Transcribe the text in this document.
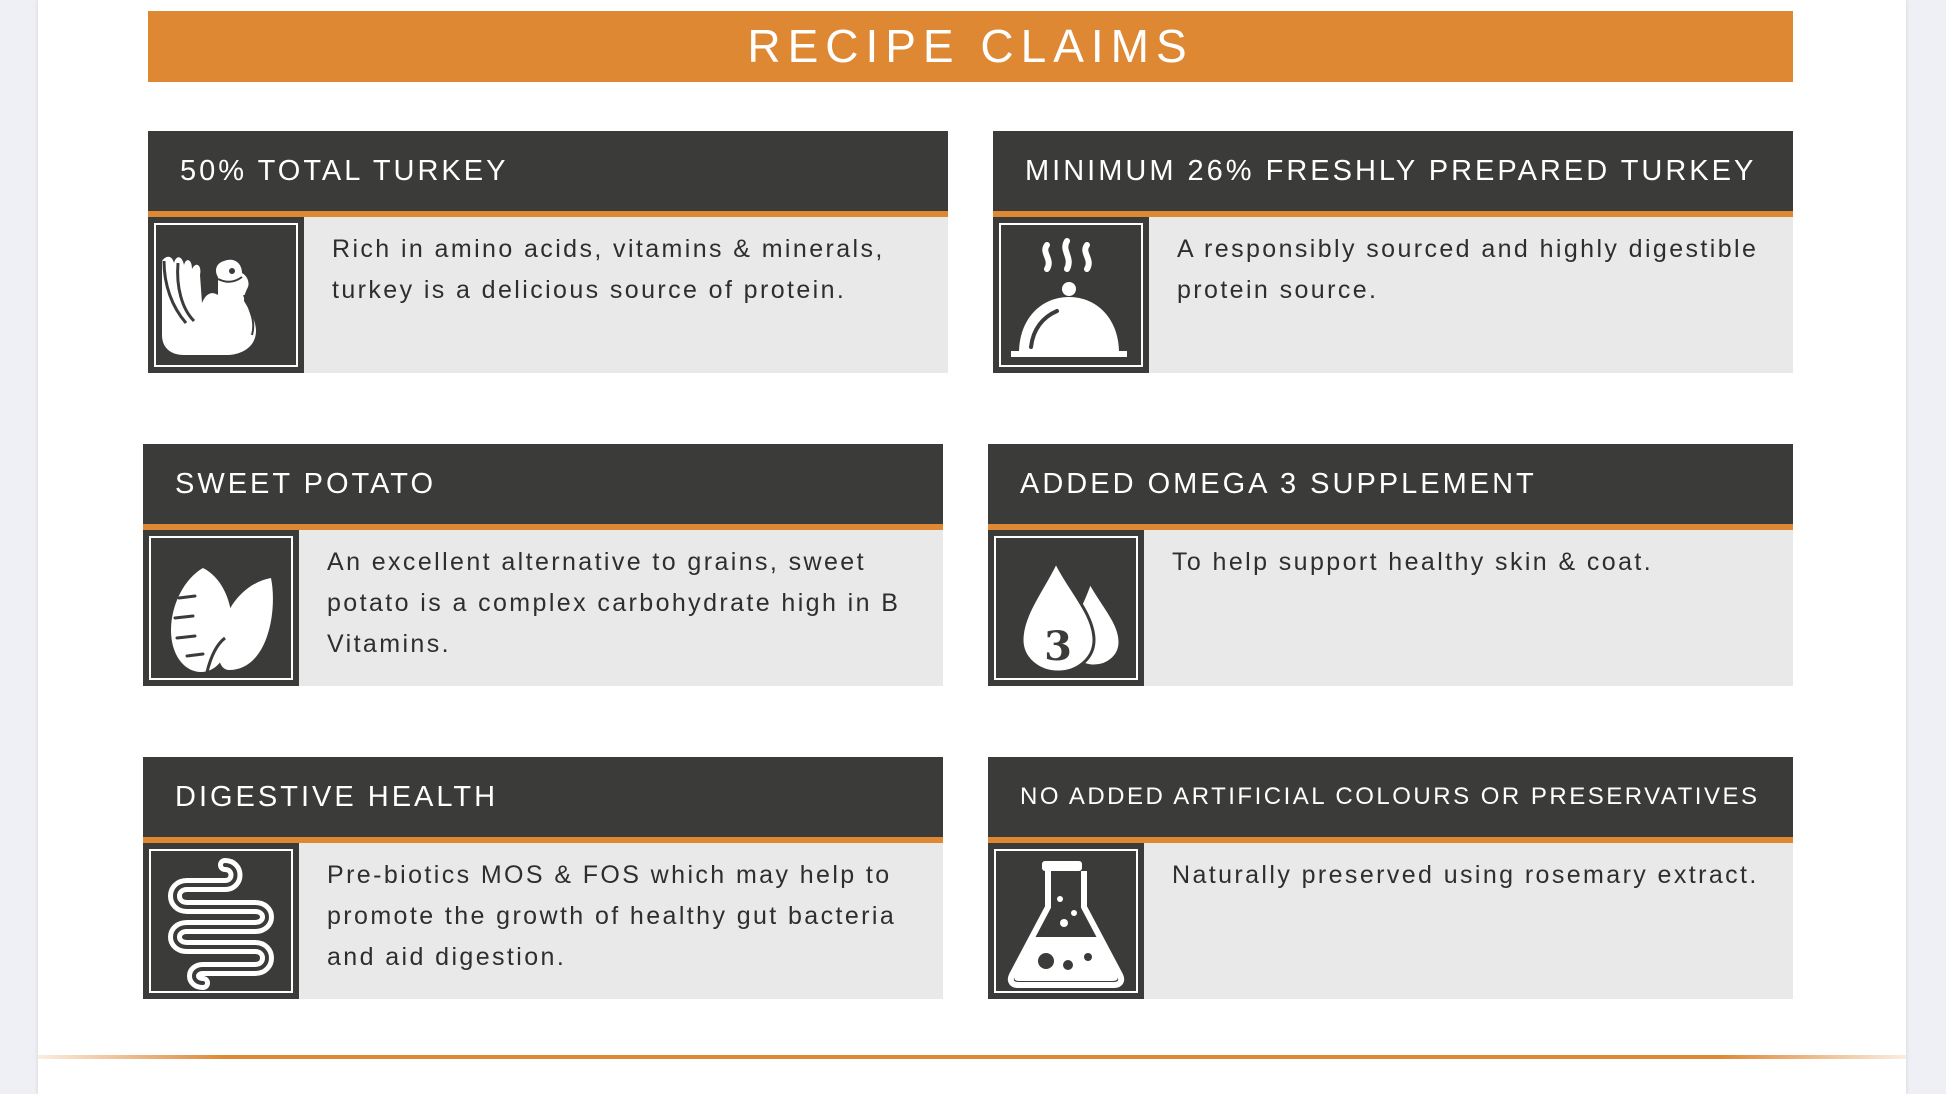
RECIPE CLAIMS
50% TOTAL TURKEY
Rich in amino acids, vitamins & minerals, turkey is a delicious source of protein.
MINIMUM 26% FRESHLY PREPARED TURKEY
A responsibly sourced and highly digestible protein source.
SWEET POTATO
An excellent alternative to grains, sweet potato is a complex carbohydrate high in B Vitamins.
ADDED OMEGA 3 SUPPLEMENT
3
To help support healthy skin & coat.
DIGESTIVE HEALTH
Pre-biotics MOS & FOS which may help to promote the growth of healthy gut bacteria and aid digestion.
NO ADDED ARTIFICIAL COLOURS OR PRESERVATIVES
Naturally preserved using rosemary extract.
